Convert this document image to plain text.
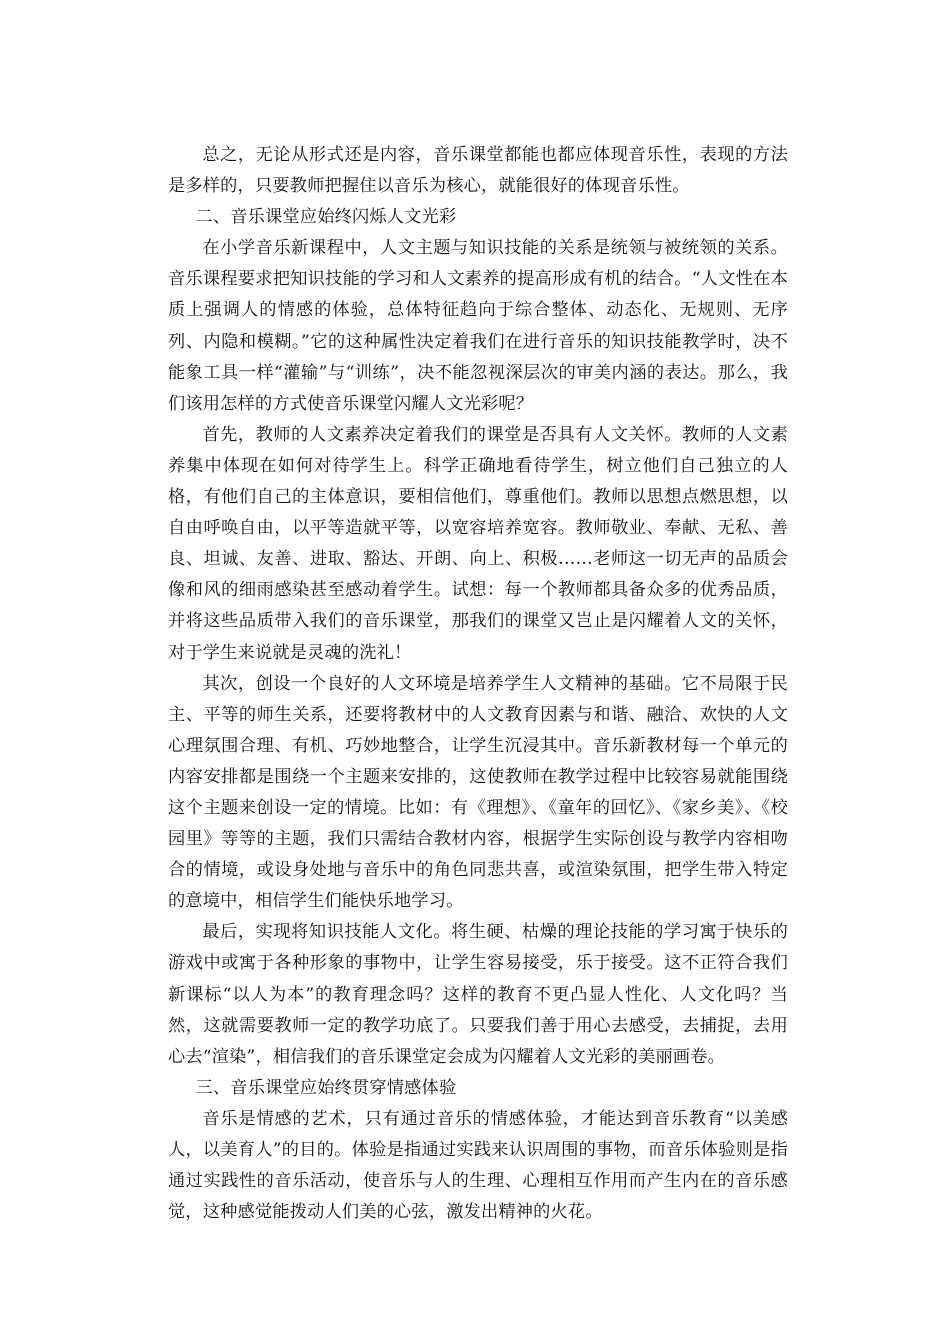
总之，无论从形式还是内容，音乐课堂都能也都应体现音乐性，表现的方法是多样的，只要教师把握住以音乐为核心，就能很好的体现音乐性。

二、音乐课堂应始终闪烁人文光彩

在小学音乐新课程中，人文主题与知识技能的关系是统领与被统领的关系。音乐课程要求把知识技能的学习和人文素养的提高形成有机的结合。“人文性在本质上强调人的情感的体验，总体特征趋向于综合整体、动态化、无规则、无序列、内隐和模糊。”它的这种属性决定着我们在进行音乐的知识技能教学时，决不能象工具一样“灌输”与“训练”，决不能忽视深层次的审美内涵的表达。那么，我们该用怎样的方式使音乐课堂闪耀人文光彩呢？

首先，教师的人文素养决定着我们的课堂是否具有人文关怀。教师的人文素养集中体现在如何对待学生上。科学正确地看待学生，树立他们自己独立的人格，有他们自己的主体意识，要相信他们，尊重他们。教师以思想点燃思想，以自由呼唤自由，以平等造就平等，以宽容培养宽容。教师敬业、奉献、无私、善良、坦诚、友善、进取、豁达、开朗、向上、积极……老师这一切无声的品质会像和风的细雨感染甚至感动着学生。试想：每一个教师都具备众多的优秀品质，并将这些品质带入我们的音乐课堂，那我们的课堂又岂止是闪耀着人文的关怀，对于学生来说就是灵魂的洗礼！

其次，创设一个良好的人文环境是培养学生人文精神的基础。它不局限于民主、平等的师生关系，还要将教材中的人文教育因素与和谐、融洽、欢快的人文心理氛围合理、有机、巧妙地整合，让学生沉浸其中。音乐新教材每一个单元的内容安排都是围绕一个主题来安排的，这使教师在教学过程中比较容易就能围绕这个主题来创设一定的情境。比如：有《理想》、《童年的回忆》、《家乡美》、《校园里》等等的主题，我们只需结合教材内容，根据学生实际创设与教学内容相吻合的情境，或设身处地与音乐中的角色同悲共喜，或渲染氛围，把学生带入特定的意境中，相信学生们能快乐地学习。

最后，实现将知识技能人文化。将生硬、枯燥的理论技能的学习寓于快乐的游戏中或寓于各种形象的事物中，让学生容易接受，乐于接受。这不正符合我们新课标“以人为本”的教育理念吗？这样的教育不更凸显人性化、人文化吗？当然，这就需要教师一定的教学功底了。只要我们善于用心去感受，去捕捉，去用心去“渲染”，相信我们的音乐课堂定会成为闪耀着人文光彩的美丽画卷。

三、音乐课堂应始终贯穿情感体验

音乐是情感的艺术，只有通过音乐的情感体验，才能达到音乐教育“以美感人，以美育人”的目的。体验是指通过实践来认识周围的事物，而音乐体验则是指通过实践性的音乐活动，使音乐与人的生理、心理相互作用而产生内在的音乐感觉，这种感觉能拨动人们美的心弦，激发出精神的火花。
